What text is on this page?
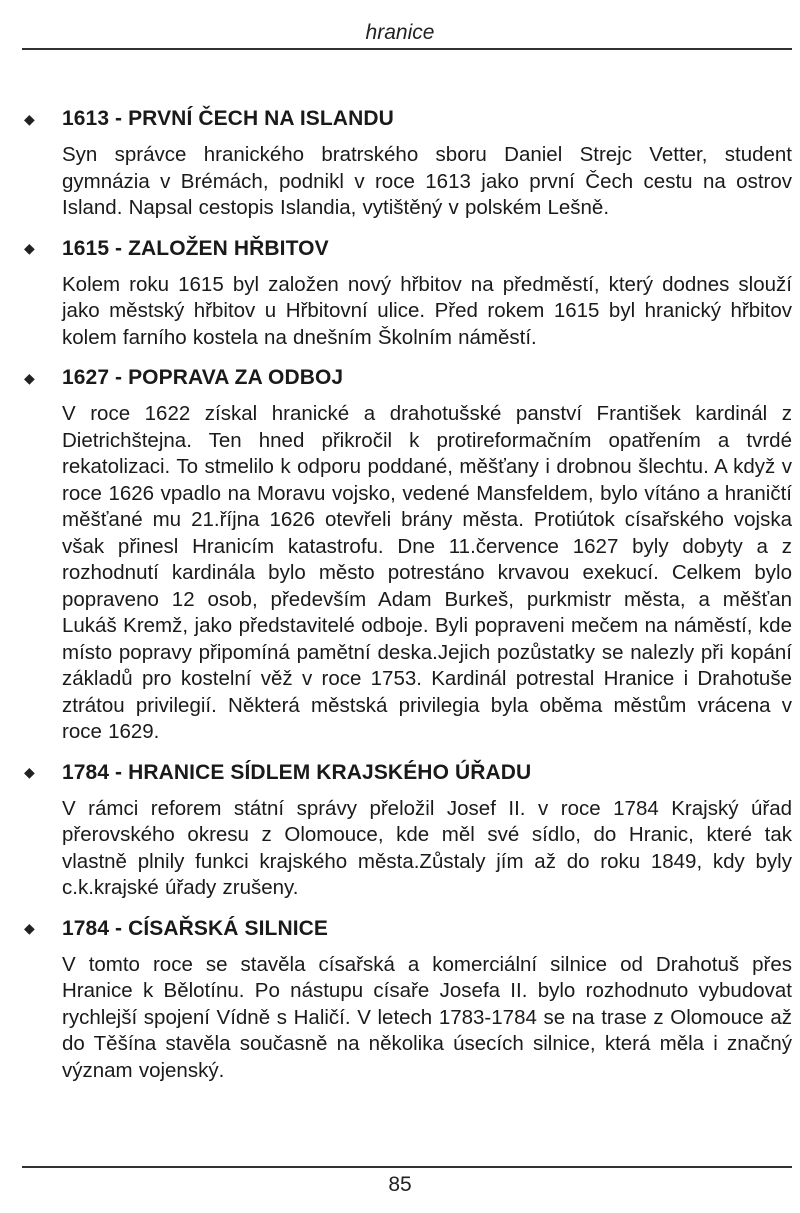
hranice
◆	1613 - PRVNÍ ČECH NA ISLANDU
Syn správce hranického bratrského sboru Daniel Strejc Vetter, student gymnázia v Brémách, podnikl v roce 1613 jako první Čech cestu na ostrov Island. Napsal cestopis Islandia, vytištěný v polském Lešně.
◆	1615 - ZALOŽEN HŘBITOV
Kolem roku 1615 byl založen nový hřbitov na předměstí, který dodnes slouží jako městský hřbitov u Hřbitovní ulice. Před rokem 1615 byl hranický hřbitov kolem farního kostela na dnešním Školním náměstí.
◆	1627 - POPRAVA ZA ODBOJ
V roce 1622 získal hranické a drahotušské panství František kardinál z Dietrichštejna. Ten hned přikročil k protireformačním opatřením a tvrdé rekatolizaci. To stmelilo k odporu poddané, měšťany i drobnou šlechtu. A když v roce 1626 vpadlo na Moravu vojsko, vedené Mansfeldem, bylo vítáno a hraničtí měšťané mu 21.října 1626 otevřeli brány města. Protiútok císařského vojska však přinesl Hranicím katastrofu. Dne 11.července 1627 byly dobyty a z rozhodnutí kardinála bylo město potrestáno krvavou exekucí. Celkem bylo popraveno 12 osob, především Adam Burkeš, purkmistr města, a měšťan Lukáš Kremž, jako představitelé odboje. Byli popraveni mečem na náměstí, kde místo popravy připomíná pamětní deska.Jejich pozůstatky se nalezly při kopání základů pro kostelní věž v roce 1753. Kardinál potrestal Hranice i Drahotuše ztrátou privilegií. Některá městská privilegia byla oběma městům vrácena v roce 1629.
◆	1784 - HRANICE SÍDLEM KRAJSKÉHO ÚŘADU
V rámci reforem státní správy přeložil Josef II. v roce 1784 Krajský úřad přerovského okresu z Olomouce, kde měl své sídlo, do Hranic, které tak vlastně plnily funkci krajského města.Zůstaly jím až do roku 1849, kdy byly c.k.krajské úřady zrušeny.
◆	1784 - CÍSAŘSKÁ SILNICE
V tomto roce se stavěla císařská a komerciální silnice od Drahotuš přes Hranice k Bělotínu. Po nástupu císaře Josefa II. bylo rozhodnuto vybudovat rychlejší spojení Vídně s Haličí. V letech 1783-1784 se na trase z Olomouce až do Těšína stavěla současně na několika úsecích silnice, která měla i značný význam vojenský.
85
